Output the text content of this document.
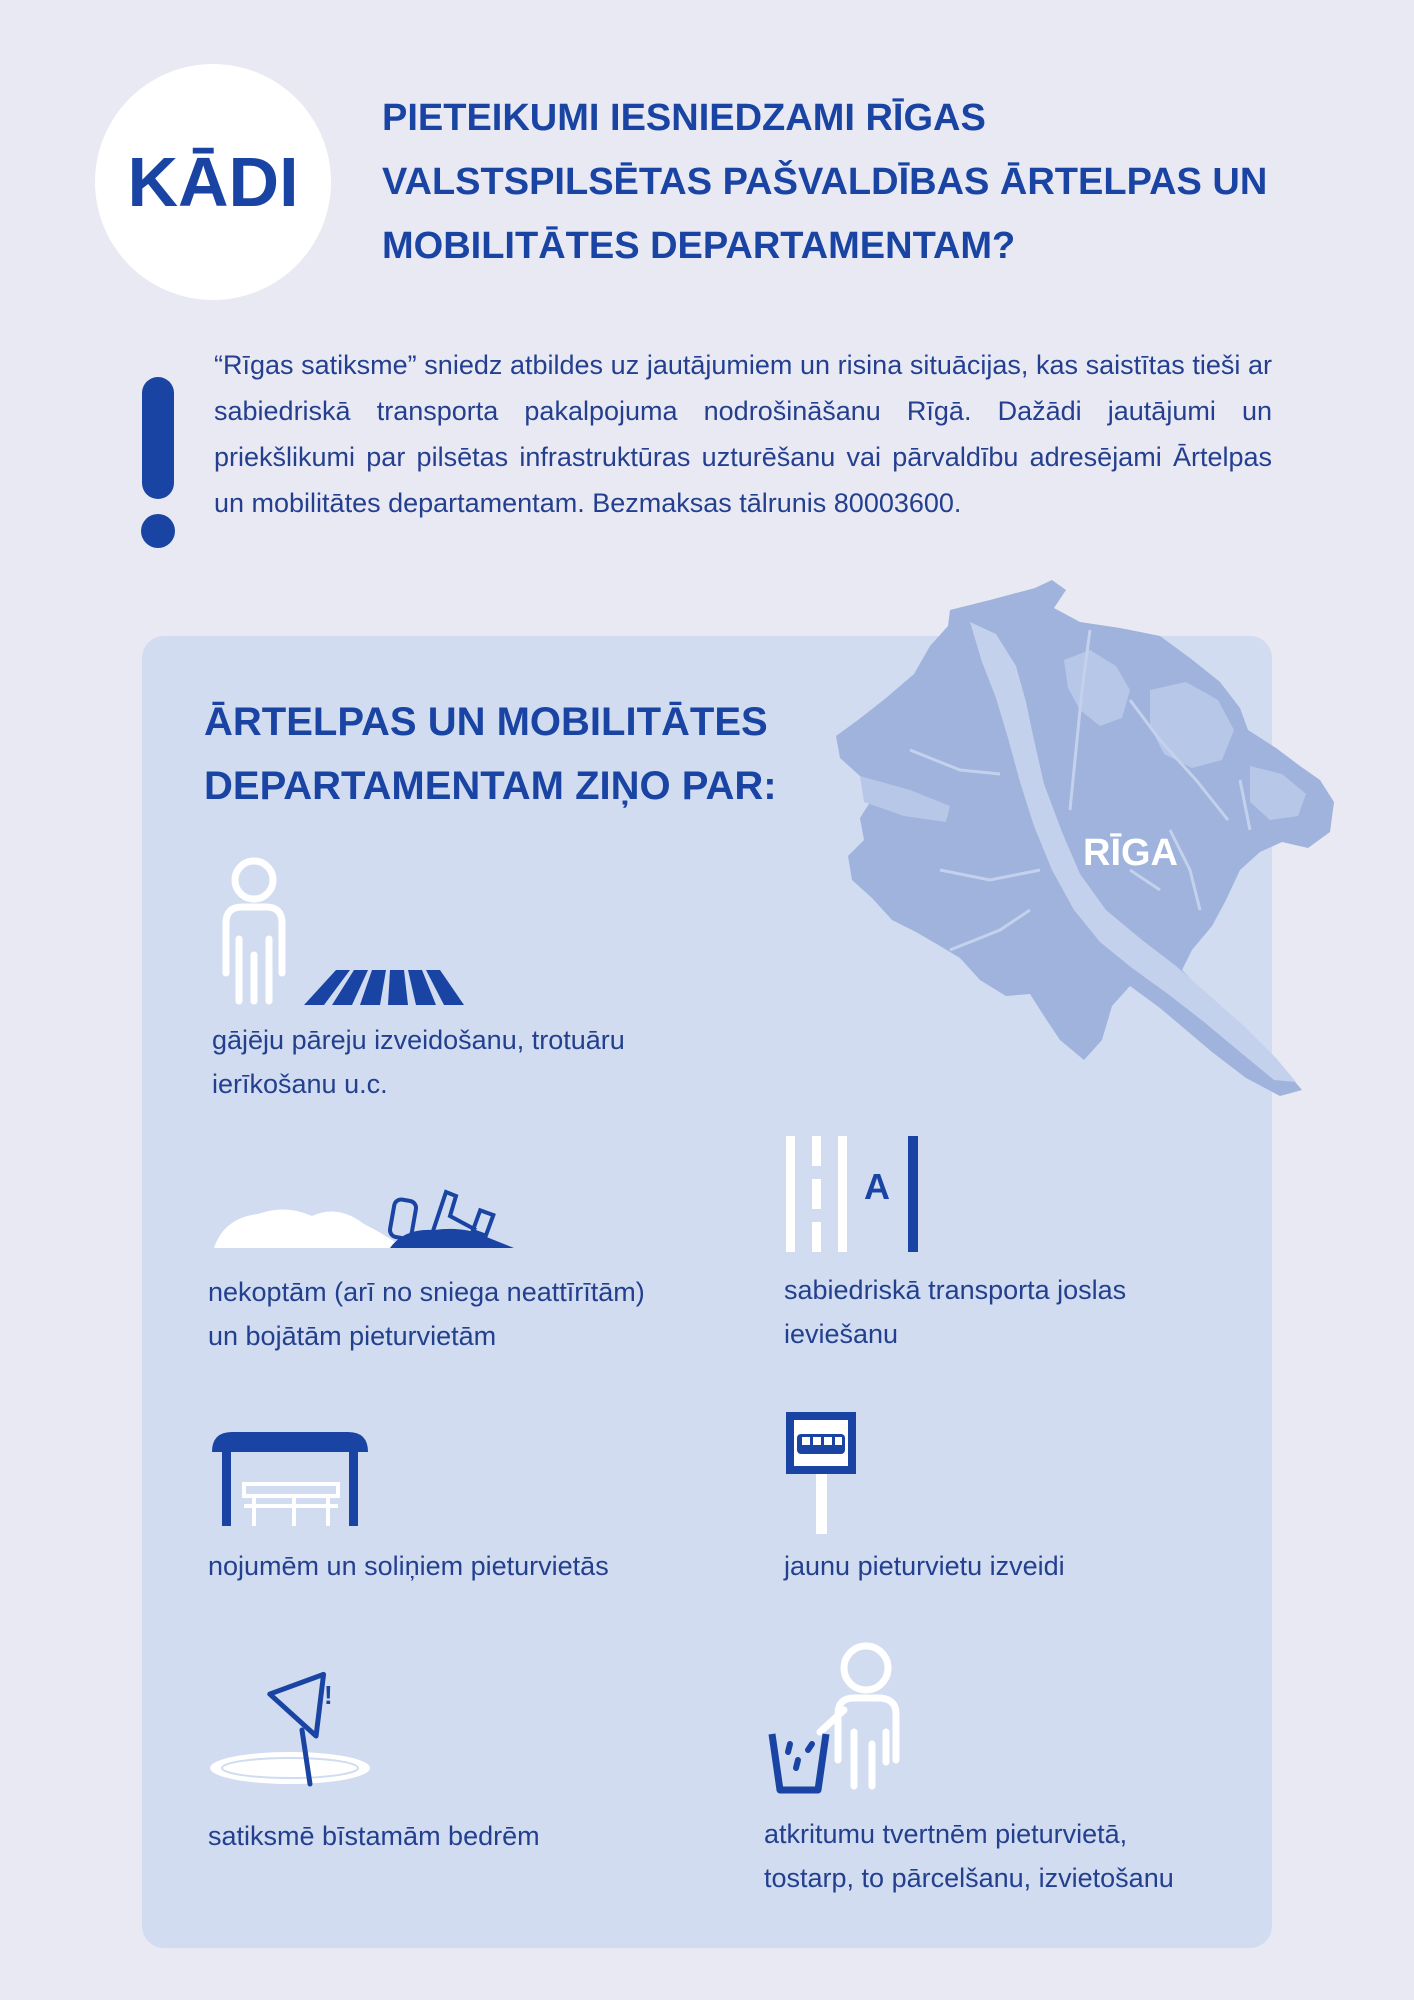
KĀDI
PIETEIKUMI IESNIEDZAMI RĪGAS
VALSTSPILSĒTAS PAŠVALDĪBAS ĀRTELPAS UN
MOBILITĀTES DEPARTAMENTAM?
“Rīgas satiksme” sniedz atbildes uz jautājumiem un risina situācijas, kas saistītas tieši ar sabiedriskā transporta pakalpojuma nodrošināšanu Rīgā. Dažādi jautājumi un priekšlikumi par pilsētas infrastruktūras uzturēšanu vai pārvaldību adresējami Ārtelpas un mobilitātes departamentam. Bezmaksas tālrunis 80003600.
RĪGA
ĀRTELPAS UN MOBILITĀTES
DEPARTAMENTAM ZIŅO PAR:
gājēju pāreju izveidošanu, trotuāru
ierīkošanu u.c.
nekoptām (arī no sniega neattīrītām)
un bojātām pieturvietām
A
sabiedriskā transporta joslas
ieviešanu
nojumēm un soliņiem pieturvietās	jaunu pieturvietu izveidi
!
satiksmē bīstamām bedrēm	atkritumu tvertnēm pieturvietā,
tostarp, to pārcelšanu, izvietošanu
